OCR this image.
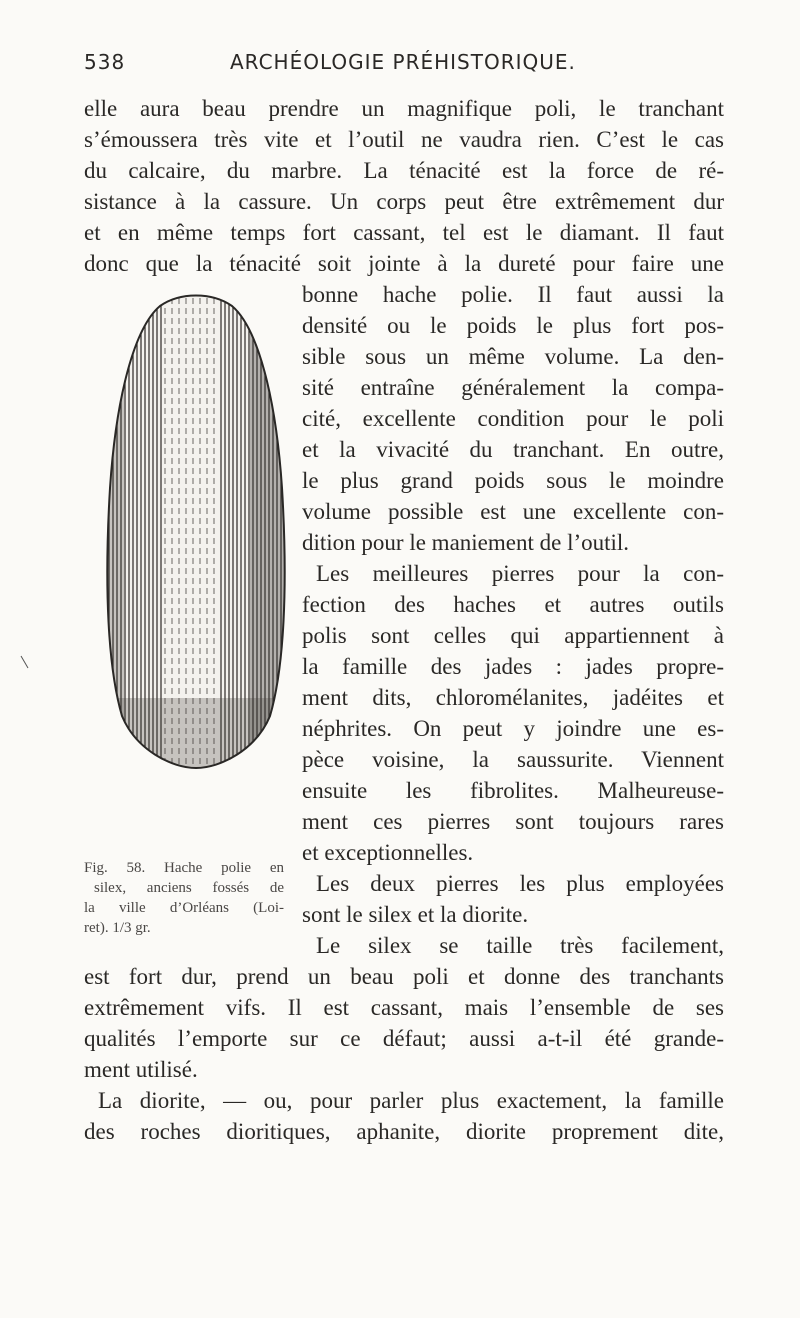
538	ARCHÉOLOGIE PRÉHISTORIQUE.
elle aura beau prendre un magnifique poli, le tranchant
s’émoussera très vite et l’outil ne vaudra rien. C’est le cas
du calcaire, du marbre. La ténacité est la force de ré-
sistance à la cassure. Un corps peut être extrêmement dur
et en même temps fort cassant, tel est le diamant. Il faut
donc que la ténacité soit jointe à la dureté pour faire une
bonne hache polie. Il faut aussi la
densité ou le poids le plus fort pos-
sible sous un même volume. La den-
sité entraîne généralement la compa-
cité, excellente condition pour le poli
et la vivacité du tranchant. En outre,
le plus grand poids sous le moindre
volume possible est une excellente con-
dition pour le maniement de l’outil.
Les meilleures pierres pour la con-
fection des haches et autres outils
polis sont celles qui appartiennent à
la famille des jades : jades propre-
ment dits, chloromélanites, jadéites et
néphrites. On peut y joindre une es-
pèce voisine, la saussurite. Viennent
ensuite les fibrolites. Malheureuse-
ment ces pierres sont toujours rares
et exceptionnelles.
Les deux pierres les plus employées
sont le silex et la diorite.
Le silex se taille très facilement,
est fort dur, prend un beau poli et donne des tranchants
extrêmement vifs. Il est cassant, mais l’ensemble de ses
qualités l’emporte sur ce défaut; aussi a-t-il été grande-
ment utilisé.
La diorite, — ou, pour parler plus exactement, la famille
des roches dioritiques, aphanite, diorite proprement dite,
Fig. 58. Hache polie en
silex, anciens fossés de
la ville d’Orléans (Loi-
ret). 1/3 gr.
